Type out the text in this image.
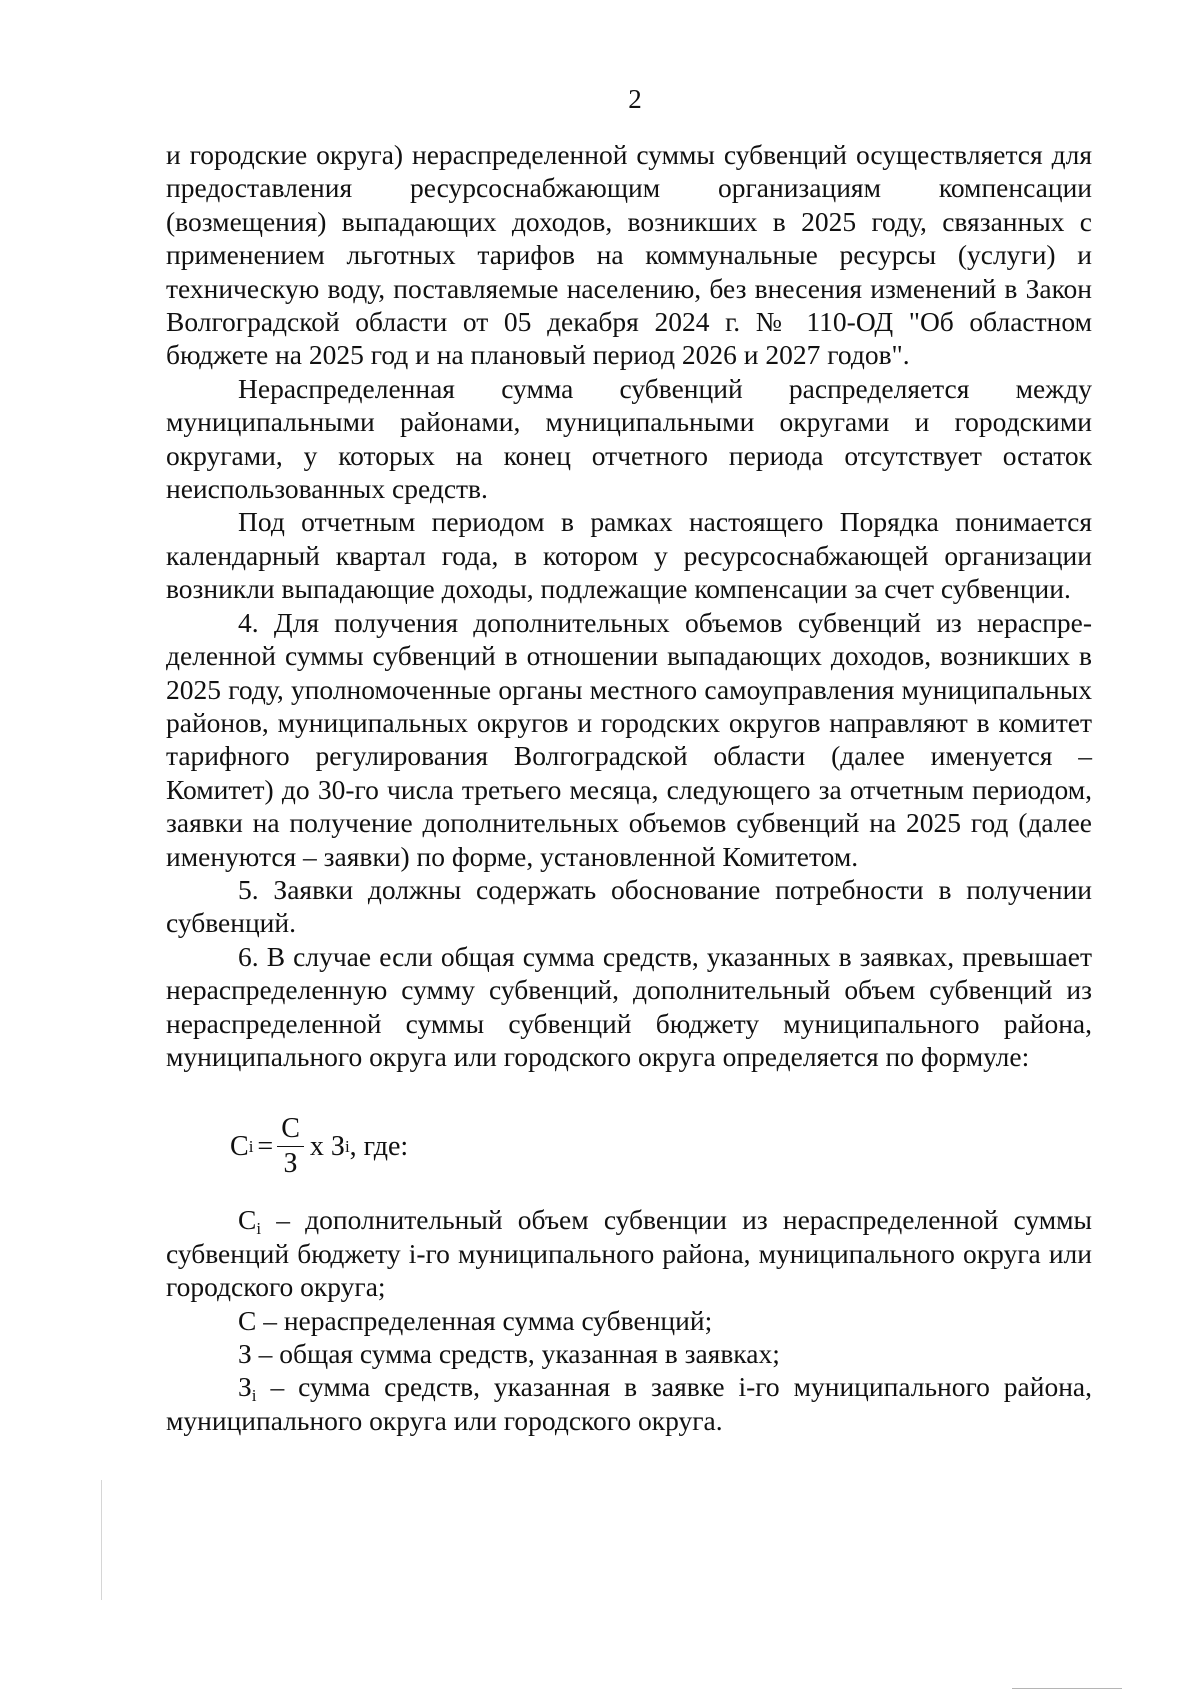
2

и городские округа) нераспределенной суммы субвенций осуществляется для предоставления ресурсоснабжающим организациям компенсации (возмещения) выпадающих доходов, возникших в 2025 году, связанных с применением льготных тарифов на коммунальные ресурсы (услуги) и техническую воду, поставляемые населению, без внесения изменений в Закон Волгоградской области от 05 декабря 2024 г. № 110-ОД "Об областном бюджете на 2025 год и на плановый период 2026 и 2027 годов".

Нераспределенная сумма субвенций распределяется между муниципальными районами, муниципальными округами и городскими округами, у которых на конец отчетного периода отсутствует остаток неиспользованных средств.

Под отчетным периодом в рамках настоящего Порядка понимается календарный квартал года, в котором у ресурсоснабжающей организации возникли выпадающие доходы, подлежащие компенсации за счет субвенции.

4. Для получения дополнительных объемов субвенций из нераспределенной суммы субвенций в отношении выпадающих доходов, возникших в 2025 году, уполномоченные органы местного самоуправления муниципальных районов, муниципальных округов и городских округов направляют в комитет тарифного регулирования Волгоградской области (далее именуется – Комитет) до 30-го числа третьего месяца, следующего за отчетным периодом, заявки на получение дополнительных объемов субвенций на 2025 год (далее именуются – заявки) по форме, установленной Комитетом.

5. Заявки должны содержать обоснование потребности в получении субвенций.

6. В случае если общая сумма средств, указанных в заявках, превышает нераспределенную сумму субвенций, дополнительный объем субвенций из нераспределенной суммы субвенций бюджету муниципального района, муниципального округа или городского округа определяется по формуле:

С $i = \frac{С}{З}$ х З i , где:

$С_i$ – дополнительный объем субвенции из нераспределенной суммы субвенций бюджету i-го муниципального района, муниципального округа или городского округа;

С – нераспределенная сумма субвенций;

З – общая сумма средств, указанная в заявках;

$З_i$ – сумма средств, указанная в заявке i-го муниципального района, муниципального округа или городского округа.
